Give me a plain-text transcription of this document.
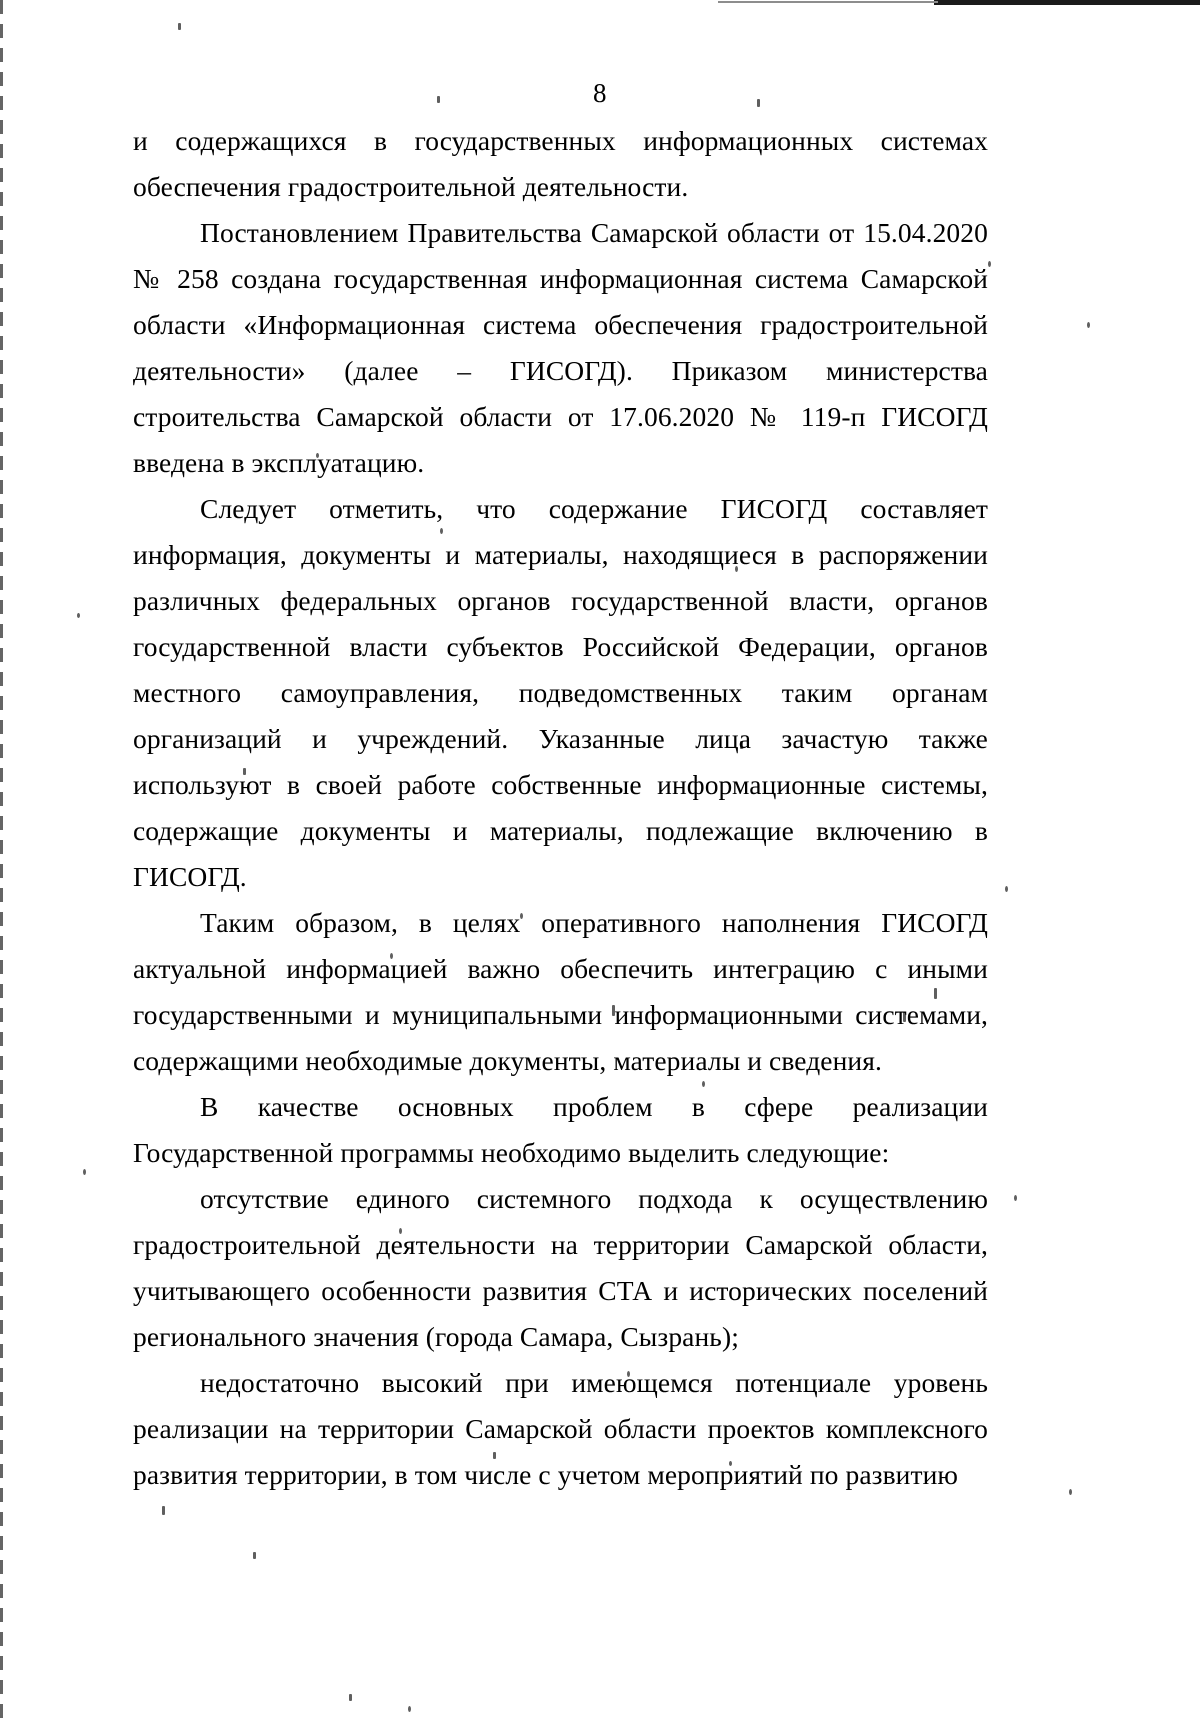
8

и содержащихся в государственных информационных системах обеспечения градостроительной деятельности.

Постановлением Правительства Самарской области от 15.04.2020 № 258 создана государственная информационная система Самарской области «Информационная система обеспечения градостроительной деятельности» (далее – ГИСОГД). Приказом министерства строительства Самарской области от 17.06.2020 № 119-п ГИСОГД введена в эксплуатацию.

Следует отметить, что содержание ГИСОГД составляет информация, документы и материалы, находящиеся в распоряжении различных федеральных органов государственной власти, органов государственной власти субъектов Российской Федерации, органов местного самоуправления, подведомственных таким органам организаций и учреждений. Указанные лица зачастую также используют в своей работе собственные информационные системы, содержащие документы и материалы, подлежащие включению в ГИСОГД.

Таким образом, в целях оперативного наполнения ГИСОГД актуальной информацией важно обеспечить интеграцию с иными государственными и муниципальными информационными системами, содержащими необходимые документы, материалы и сведения.

В качестве основных проблем в сфере реализации Государственной программы необходимо выделить следующие:

отсутствие единого системного подхода к осуществлению градостроительной деятельности на территории Самарской области, учитывающего особенности развития СТА и исторических поселений регионального значения (города Самара, Сызрань);

недостаточно высокий при имеющемся потенциале уровень реализации на территории Самарской области проектов комплексного развития территории, в том числе с учетом мероприятий по развитию
